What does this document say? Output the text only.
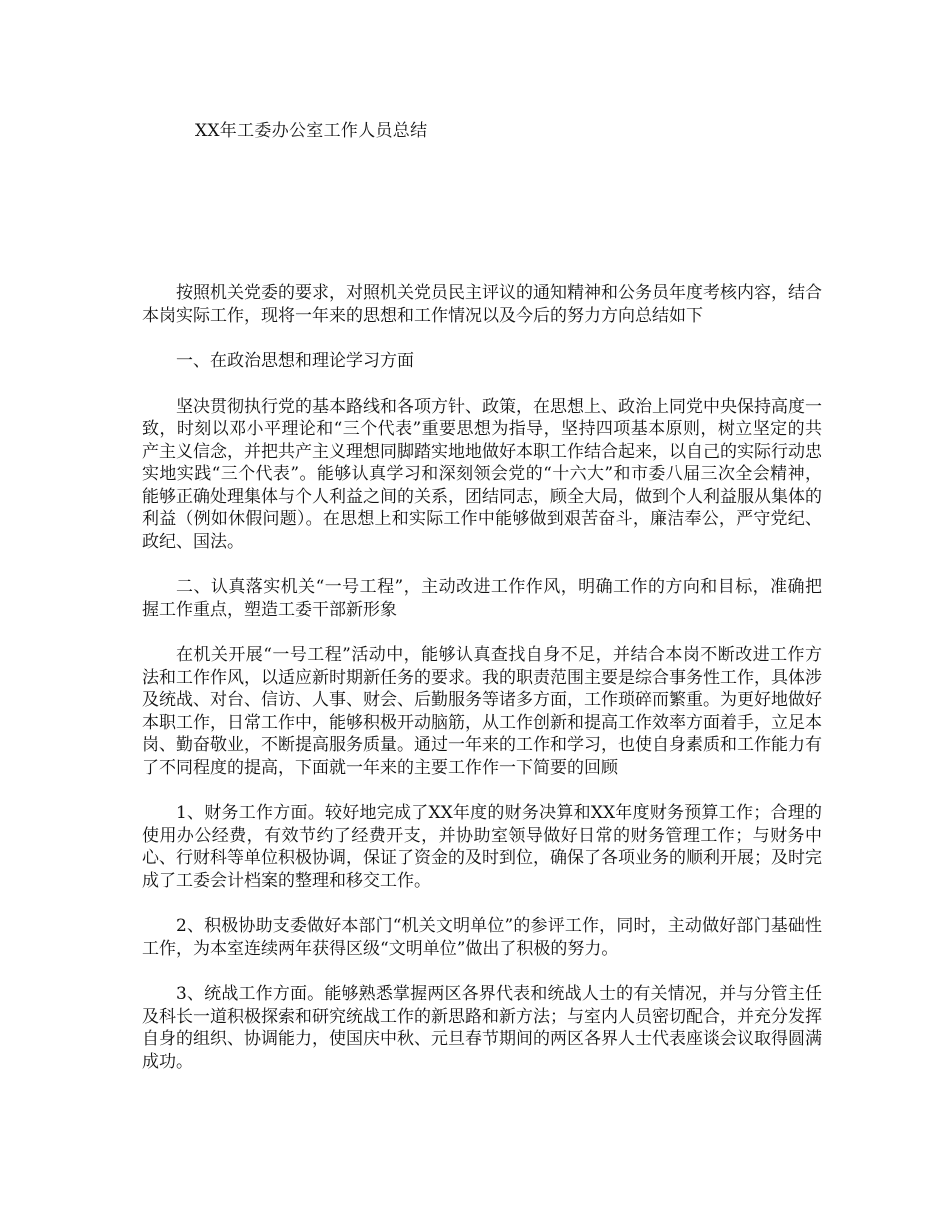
XX年工委办公室工作人员总结

按照机关党委的要求，对照机关党员民主评议的通知精神和公务员年度考核内容，结合本岗实际工作，现将一年来的思想和工作情况以及今后的努力方向总结如下

一、在政治思想和理论学习方面

坚决贯彻执行党的基本路线和各项方针、政策，在思想上、政治上同党中央保持高度一致，时刻以邓小平理论和“三个代表”重要思想为指导，坚持四项基本原则，树立坚定的共产主义信念，并把共产主义理想同脚踏实地地做好本职工作结合起来，以自己的实际行动忠实地实践“三个代表”。能够认真学习和深刻领会党的“十六大”和市委八届三次全会精神，能够正确处理集体与个人利益之间的关系，团结同志，顾全大局，做到个人利益服从集体的利益（例如休假问题）。在思想上和实际工作中能够做到艰苦奋斗，廉洁奉公，严守党纪、政纪、国法。

二、认真落实机关“一号工程”，主动改进工作作风，明确工作的方向和目标，准确把握工作重点，塑造工委干部新形象

在机关开展“一号工程”活动中，能够认真查找自身不足，并结合本岗不断改进工作方法和工作作风，以适应新时期新任务的要求。我的职责范围主要是综合事务性工作，具体涉及统战、对台、信访、人事、财会、后勤服务等诸多方面，工作琐碎而繁重。为更好地做好本职工作，日常工作中，能够积极开动脑筋，从工作创新和提高工作效率方面着手，立足本岗、勤奋敬业，不断提高服务质量。通过一年来的工作和学习，也使自身素质和工作能力有了不同程度的提高，下面就一年来的主要工作作一下简要的回顾

1、财务工作方面。较好地完成了XX年度的财务决算和XX年度财务预算工作；合理的使用办公经费，有效节约了经费开支，并协助室领导做好日常的财务管理工作；与财务中心、行财科等单位积极协调，保证了资金的及时到位，确保了各项业务的顺利开展；及时完成了工委会计档案的整理和移交工作。

2、积极协助支委做好本部门“机关文明单位”的参评工作，同时，主动做好部门基础性工作，为本室连续两年获得区级“文明单位”做出了积极的努力。

3、统战工作方面。能够熟悉掌握两区各界代表和统战人士的有关情况，并与分管主任及科长一道积极探索和研究统战工作的新思路和新方法；与室内人员密切配合，并充分发挥自身的组织、协调能力，使国庆中秋、元旦春节期间的两区各界人士代表座谈会议取得圆满成功。
